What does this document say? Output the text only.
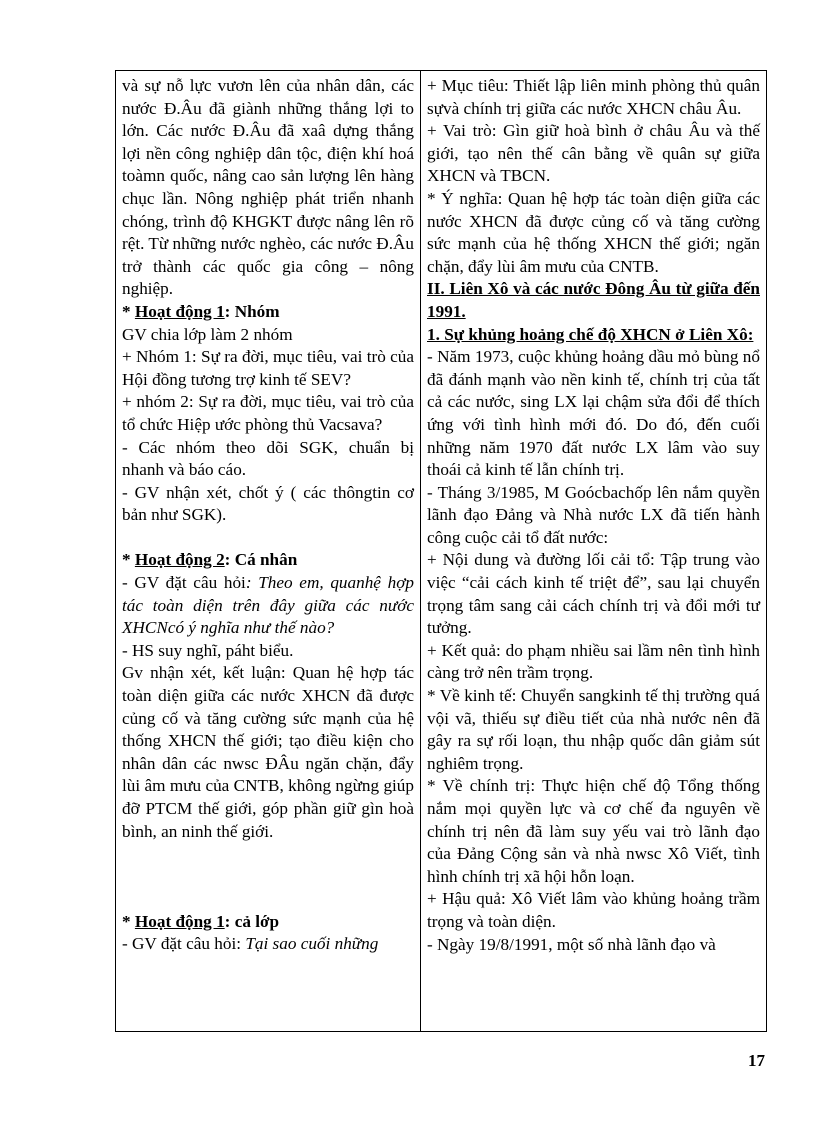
và sự nỗ lực vươn lên của nhân dân, các nước Đ.Âu đã giành những thắng lợi to lớn. Các nước Đ.Âu đã xaâ dựng thắng lợi nền công nghiệp dân tộc, điện khí hoá toàmn quốc, nâng cao sản lượng lên hàng chục lần. Nông nghiệp phát triển nhanh chóng, trình độ KHGKT được nâng lên rõ rệt. Từ những nước nghèo, các nước Đ.Âu trở thành các quốc gia công – nông nghiệp.

* Hoạt động 1: Nhóm

GV chia lớp làm 2 nhóm

+ Nhóm 1: Sự ra đời, mục tiêu, vai trò của Hội đồng tương trợ kinh tế SEV?

+ nhóm 2: Sự ra đời, mục tiêu, vai trò của tổ chức Hiệp ước phòng thủ Vacsava?

- Các nhóm theo dõi SGK, chuẩn bị nhanh và báo cáo.

- GV nhận xét, chốt ý ( các thôngtin cơ bản như SGK).

* Hoạt động 2: Cá nhân

- GV đặt câu hỏi: Theo em, quanhệ hợp tác toàn diện trên đây giữa các nước XHCNcó ý nghĩa như thế nào?

- HS suy nghĩ, páht biểu.

Gv nhận xét, kết luận: Quan hệ hợp tác toàn diện giữa các nước XHCN đã được củng cố và tăng cường sức mạnh của hệ thống XHCN thế giới; tạo điều kiện cho nhân dân các nwsc ĐÂu ngăn chặn, đẩy lùi âm mưu của CNTB, không ngừng giúp đỡ PTCM thế giới, góp phần giữ gìn hoà bình, an ninh thế giới.

* Hoạt động 1: cả lớp

- GV đặt câu hỏi: Tại sao cuối những

+ Mục tiêu: Thiết lập liên minh phòng thủ quân sựvà chính trị giữa các nước XHCN châu Âu.

+ Vai trò: Gìn giữ hoà bình ở châu Âu và thế giới, tạo nên thế cân bằng về quân sự giữa XHCN và TBCN.

* Ý nghĩa: Quan hệ hợp tác toàn diện giữa các nước XHCN đã được củng cố và tăng cường sức mạnh của hệ thống XHCN thế giới; ngăn chặn, đẩy lùi âm mưu của CNTB.

II. Liên Xô và các nước Đông Âu từ giữa đến 1991.

1. Sự khủng hoảng chế độ XHCN ở Liên Xô:

- Năm 1973, cuộc khủng hoảng dầu mỏ bùng nổ đã đánh mạnh vào nền kinh tế, chính trị của tất cả các nước, sing LX lại chậm sửa đổi để thích ứng với tình hình mới đó. Do đó, đến cuối những năm 1970 đất nước LX lâm vào suy thoái cả kinh tế lẫn chính trị.

- Tháng 3/1985, M Goócbachốp lên nắm quyền lãnh đạo Đảng và Nhà nước LX đã tiến hành công cuộc cải tổ đất nước:

+ Nội dung và đường lối cải tổ: Tập trung vào việc “cải cách kinh tế triệt để”, sau lại chuyển trọng tâm sang cải cách chính trị và đổi mới tư tưởng.

+ Kết quả: do phạm nhiều sai lầm nên tình hình càng trở nên trầm trọng.

* Về kinh tế: Chuyển sangkinh tế thị trường quá vội vã, thiếu sự điều tiết của nhà nước nên đã gây ra sự rối loạn, thu nhập quốc dân giảm sút nghiêm trọng.

* Về chính trị: Thực hiện chế độ Tổng thống nắm mọi quyền lực và cơ chế đa nguyên về chính trị nên đã làm suy yếu vai trò lãnh đạo của Đảng Cộng sản và nhà nwsc Xô Viết, tình hình chính trị xã hội hỗn loạn.

+ Hậu quả: Xô Viết lâm vào khủng hoảng trầm trọng và toàn diện.

- Ngày 19/8/1991, một số nhà lãnh đạo và

17
